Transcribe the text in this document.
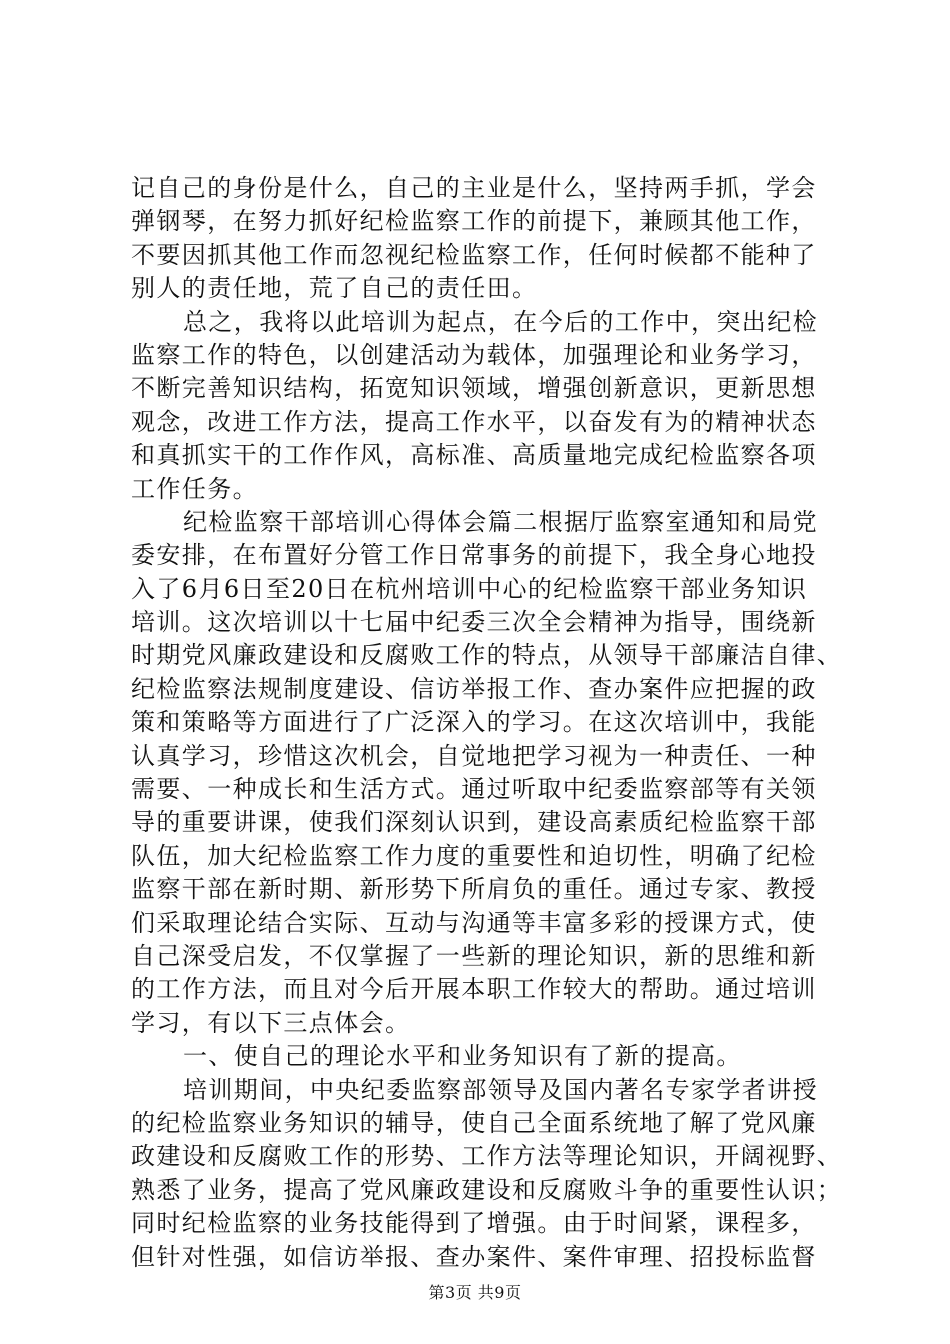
记自己的身份是什么，自己的主业是什么，坚持两手抓，学会
弹钢琴，在努力抓好纪检监察工作的前提下，兼顾其他工作，
不要因抓其他工作而忽视纪检监察工作，任何时候都不能种了
别人的责任地，荒了自己的责任田。
总之，我将以此培训为起点，在今后的工作中，突出纪检
监察工作的特色，以创建活动为载体，加强理论和业务学习，
不断完善知识结构，拓宽知识领域，增强创新意识，更新思想
观念，改进工作方法，提高工作水平，以奋发有为的精神状态
和真抓实干的工作作风，高标准、高质量地完成纪检监察各项
工作任务。
纪检监察干部培训心得体会篇二根据厅监察室通知和局党
委安排，在布置好分管工作日常事务的前提下，我全身心地投
入了6月6日至20日在杭州培训中心的纪检监察干部业务知识
培训。这次培训以十七届中纪委三次全会精神为指导，围绕新
时期党风廉政建设和反腐败工作的特点，从领导干部廉洁自律、
纪检监察法规制度建设、信访举报工作、查办案件应把握的政
策和策略等方面进行了广泛深入的学习。在这次培训中，我能
认真学习，珍惜这次机会，自觉地把学习视为一种责任、一种
需要、一种成长和生活方式。通过听取中纪委监察部等有关领
导的重要讲课，使我们深刻认识到，建设高素质纪检监察干部
队伍，加大纪检监察工作力度的重要性和迫切性，明确了纪检
监察干部在新时期、新形势下所肩负的重任。通过专家、教授
们采取理论结合实际、互动与沟通等丰富多彩的授课方式，使
自己深受启发，不仅掌握了一些新的理论知识，新的思维和新
的工作方法，而且对今后开展本职工作较大的帮助。通过培训
学习，有以下三点体会。
一、使自己的理论水平和业务知识有了新的提高。
培训期间，中央纪委监察部领导及国内著名专家学者讲授
的纪检监察业务知识的辅导，使自己全面系统地了解了党风廉
政建设和反腐败工作的形势、工作方法等理论知识，开阔视野、
熟悉了业务，提高了党风廉政建设和反腐败斗争的重要性认识；
同时纪检监察的业务技能得到了增强。由于时间紧，课程多，
但针对性强，如信访举报、查办案件、案件审理、招投标监督
第3页 共9页
